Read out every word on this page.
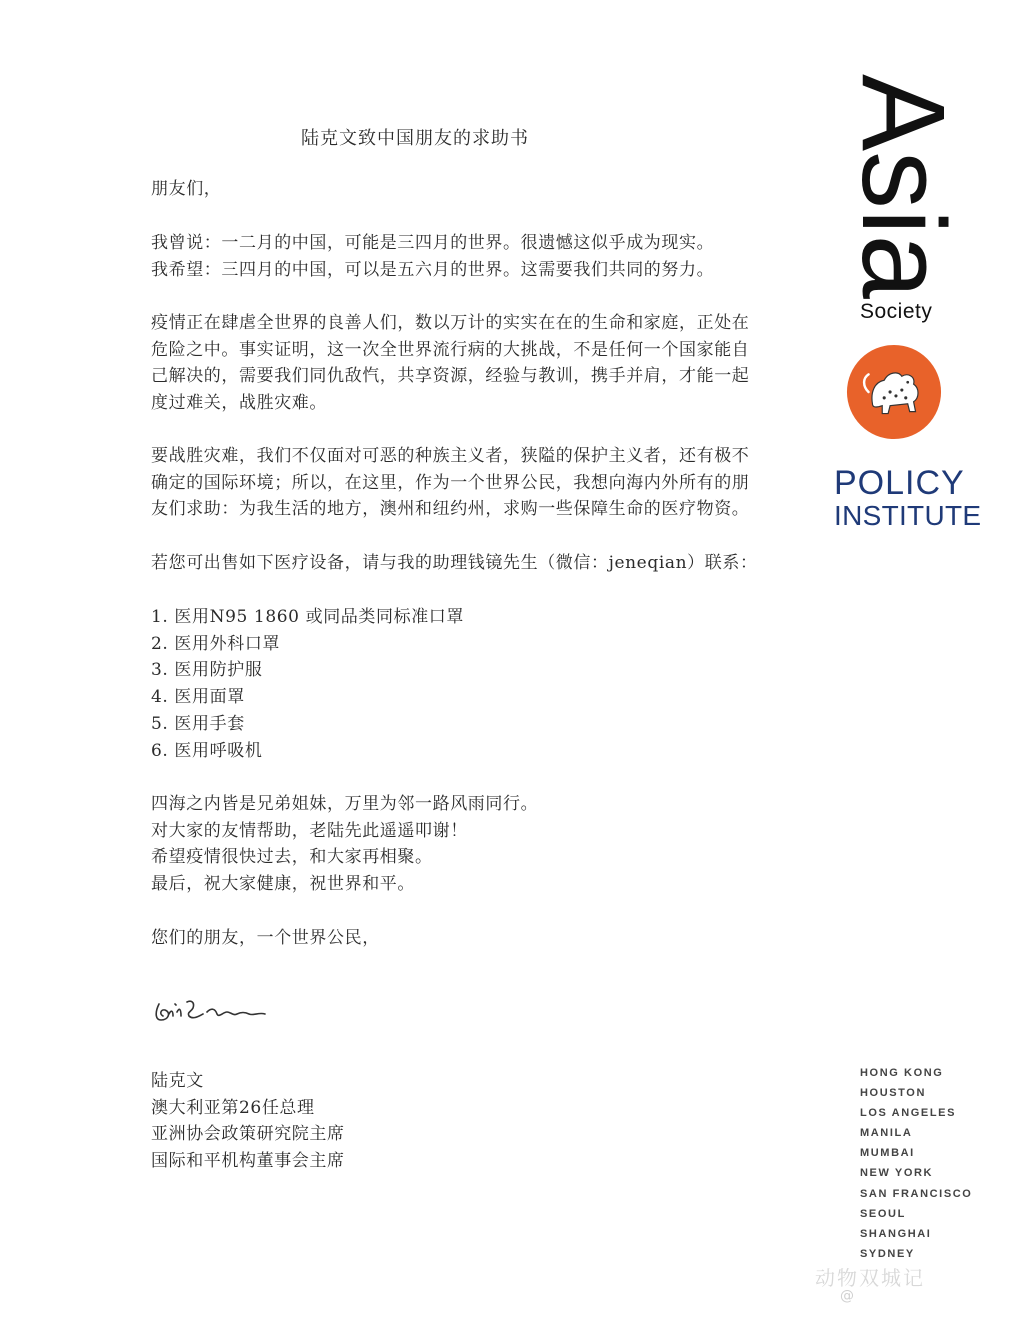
陆克文致中国朋友的求助书
朋友们，
我曾说：一二月的中国，可能是三四月的世界。很遗憾这似乎成为现实。
我希望：三四月的中国，可以是五六月的世界。这需要我们共同的努力。
疫情正在肆虐全世界的良善人们，数以万计的实实在在的生命和家庭，正处在
危险之中。事实证明，这一次全世界流行病的大挑战，不是任何一个国家能自
己解决的，需要我们同仇敌忾，共享资源，经验与教训，携手并肩，才能一起
度过难关，战胜灾难。
要战胜灾难，我们不仅面对可恶的种族主义者，狭隘的保护主义者，还有极不
确定的国际环境；所以，在这里，作为一个世界公民，我想向海内外所有的朋
友们求助：为我生活的地方，澳州和纽约州，求购一些保障生命的医疗物资。
若您可出售如下医疗设备，请与我的助理钱镜先生（微信：jeneqian）联系：
1. 医用N95 1860 或同品类同标准口罩
2. 医用外科口罩
3. 医用防护服
4. 医用面罩
5. 医用手套
6. 医用呼吸机
四海之内皆是兄弟姐妹，万里为邻一路风雨同行。
对大家的友情帮助，老陆先此遥遥叩谢！
希望疫情很快过去，和大家再相聚。
最后，祝大家健康，祝世界和平。
您们的朋友，一个世界公民，
陆克文
澳大利亚第26任总理
亚洲协会政策研究院主席
国际和平机构董事会主席
Asia
Society
POLICY
INSTITUTE
HONG KONG
HOUSTON
LOS ANGELES
MANILA
MUMBAI
NEW YORK
SAN FRANCISCO
SEOUL
SHANGHAI
SYDNEY
动物双城记
@
